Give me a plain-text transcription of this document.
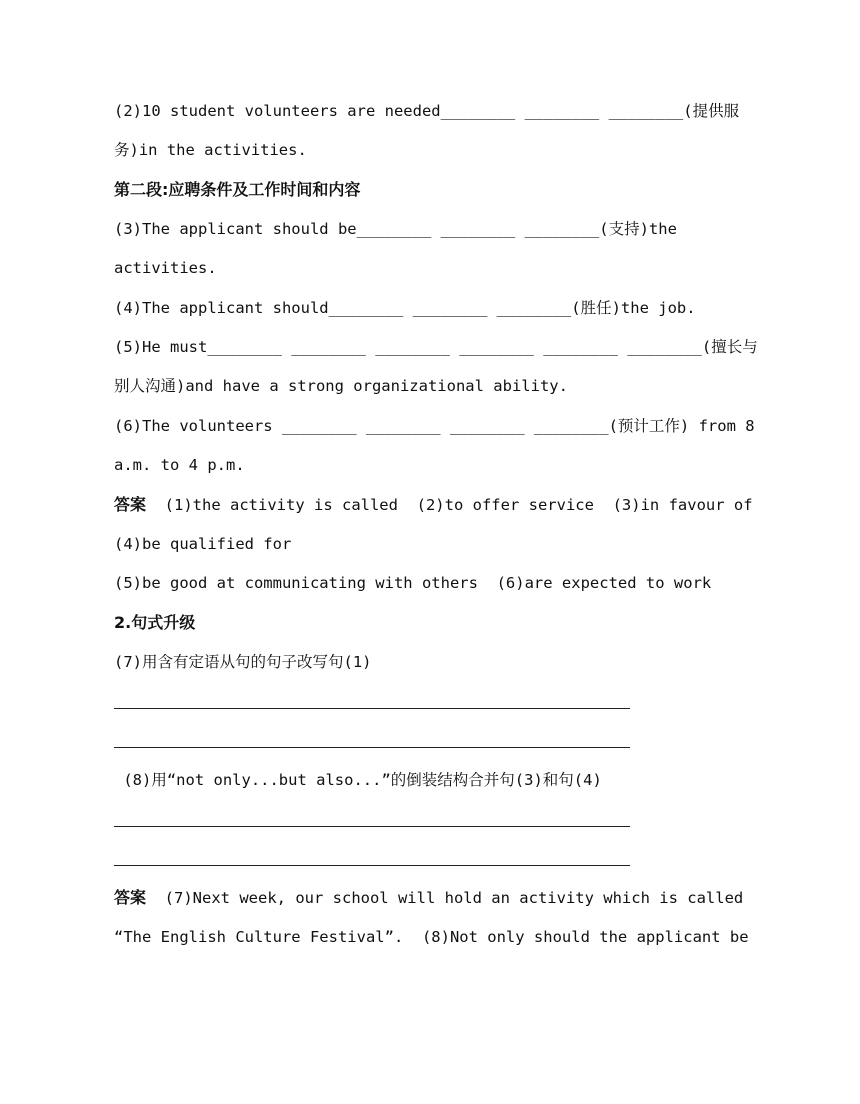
(2)10 student volunteers are needed________ ________ ________(提供服
务)in the activities.
第二段:应聘条件及工作时间和内容
(3)The applicant should be________ ________ ________(支持)the
activities.
(4)The applicant should________ ________ ________(胜任)the job.
(5)He must________ ________ ________ ________ ________ ________(擅长与
别人沟通)and have a strong organizational ability.
(6)The volunteers ________ ________ ________ ________(预计工作) from 8
a.m. to 4 p.m.
答案  (1)the activity is called  (2)to offer service  (3)in favour of
(4)be qualified for
(5)be good at communicating with others  (6)are expected to work
2.句式升级
(7)用含有定语从句的句子改写句(1)
(8)用“not only...but also...”的倒装结构合并句(3)和句(4)
答案  (7)Next week, our school will hold an activity which is called
“The English Culture Festival”.  (8)Not only should the applicant be
